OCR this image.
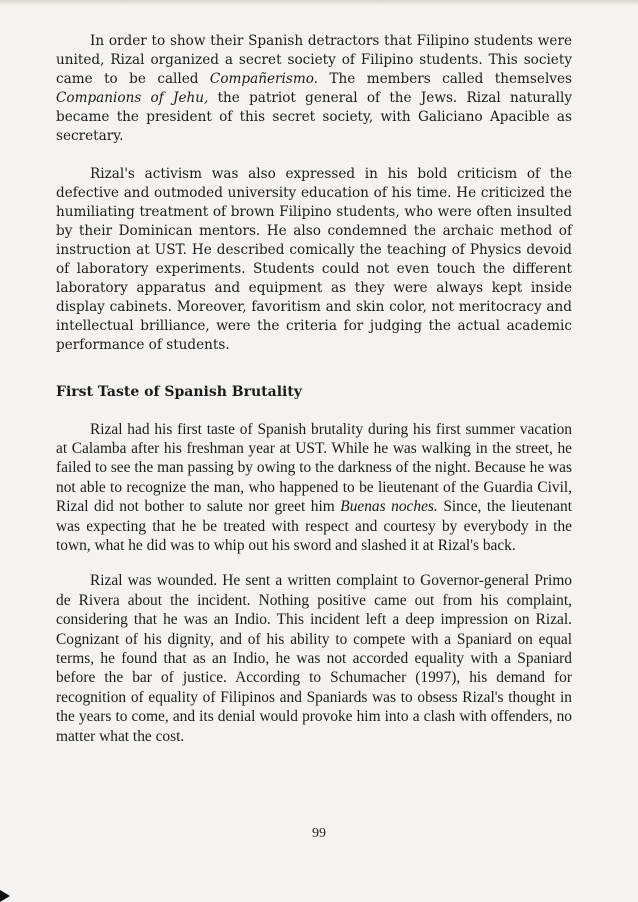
In order to show their Spanish detractors that Filipino students were united, Rizal organized a secret society of Filipino students. This society came to be called Compañerismo. The members called themselves Companions of Jehu, the patriot general of the Jews. Rizal naturally became the president of this secret society, with Galiciano Apacible as secretary.

Rizal's activism was also expressed in his bold criticism of the defective and outmoded university education of his time. He criticized the humiliating treatment of brown Filipino students, who were often insulted by their Dominican mentors. He also condemned the archaic method of instruction at UST. He described comically the teaching of Physics devoid of laboratory experiments. Students could not even touch the different laboratory apparatus and equipment as they were always kept inside display cabinets. Moreover, favoritism and skin color, not meritocracy and intellectual brilliance, were the criteria for judging the actual academic performance of students.

First Taste of Spanish Brutality

Rizal had his first taste of Spanish brutality during his first summer vacation at Calamba after his freshman year at UST. While he was walking in the street, he failed to see the man passing by owing to the darkness of the night. Because he was not able to recognize the man, who happened to be lieutenant of the Guardia Civil, Rizal did not bother to salute nor greet him Buenas noches. Since, the lieutenant was expecting that he be treated with respect and courtesy by everybody in the town, what he did was to whip out his sword and slashed it at Rizal's back.

Rizal was wounded. He sent a written complaint to Governor-general Primo de Rivera about the incident. Nothing positive came out from his complaint, considering that he was an Indio. This incident left a deep impression on Rizal. Cognizant of his dignity, and of his ability to compete with a Spaniard on equal terms, he found that as an Indio, he was not accorded equality with a Spaniard before the bar of justice. According to Schumacher (1997), his demand for recognition of equality of Filipinos and Spaniards was to obsess Rizal's thought in the years to come, and its denial would provoke him into a clash with offenders, no matter what the cost.

99
